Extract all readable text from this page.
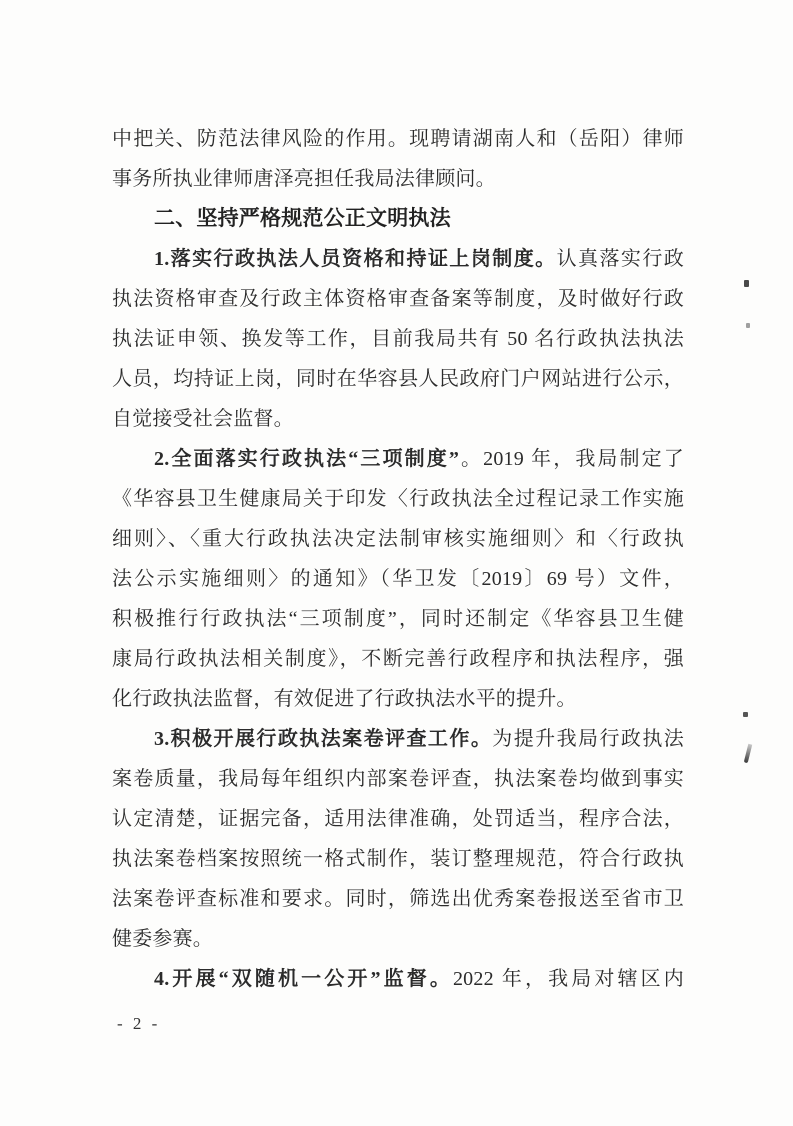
中把关、防范法律风险的作用。现聘请湖南人和（岳阳）律师
事务所执业律师唐泽亮担任我局法律顾问。
二、坚持严格规范公正文明执法
1.落实行政执法人员资格和持证上岗制度。认真落实行政
执法资格审查及行政主体资格审查备案等制度，及时做好行政
执法证申领、换发等工作，目前我局共有 50 名行政执法执法
人员，均持证上岗，同时在华容县人民政府门户网站进行公示，
自觉接受社会监督。
2.全面落实行政执法“三项制度”。2019 年，我局制定了
《华容县卫生健康局关于印发〈行政执法全过程记录工作实施
细则〉、〈重大行政执法决定法制审核实施细则〉和〈行政执
法公示实施细则〉的通知》（华卫发〔2019〕69 号）文件，
积极推行行政执法“三项制度”，同时还制定《华容县卫生健
康局行政执法相关制度》，不断完善行政程序和执法程序，强
化行政执法监督，有效促进了行政执法水平的提升。
3.积极开展行政执法案卷评查工作。为提升我局行政执法
案卷质量，我局每年组织内部案卷评查，执法案卷均做到事实
认定清楚，证据完备，适用法律准确，处罚适当，程序合法，
执法案卷档案按照统一格式制作，装订整理规范，符合行政执
法案卷评查标准和要求。同时，筛选出优秀案卷报送至省市卫
健委参赛。
4.开展“双随机一公开”监督。2022 年，我局对辖区内
- 2 -
